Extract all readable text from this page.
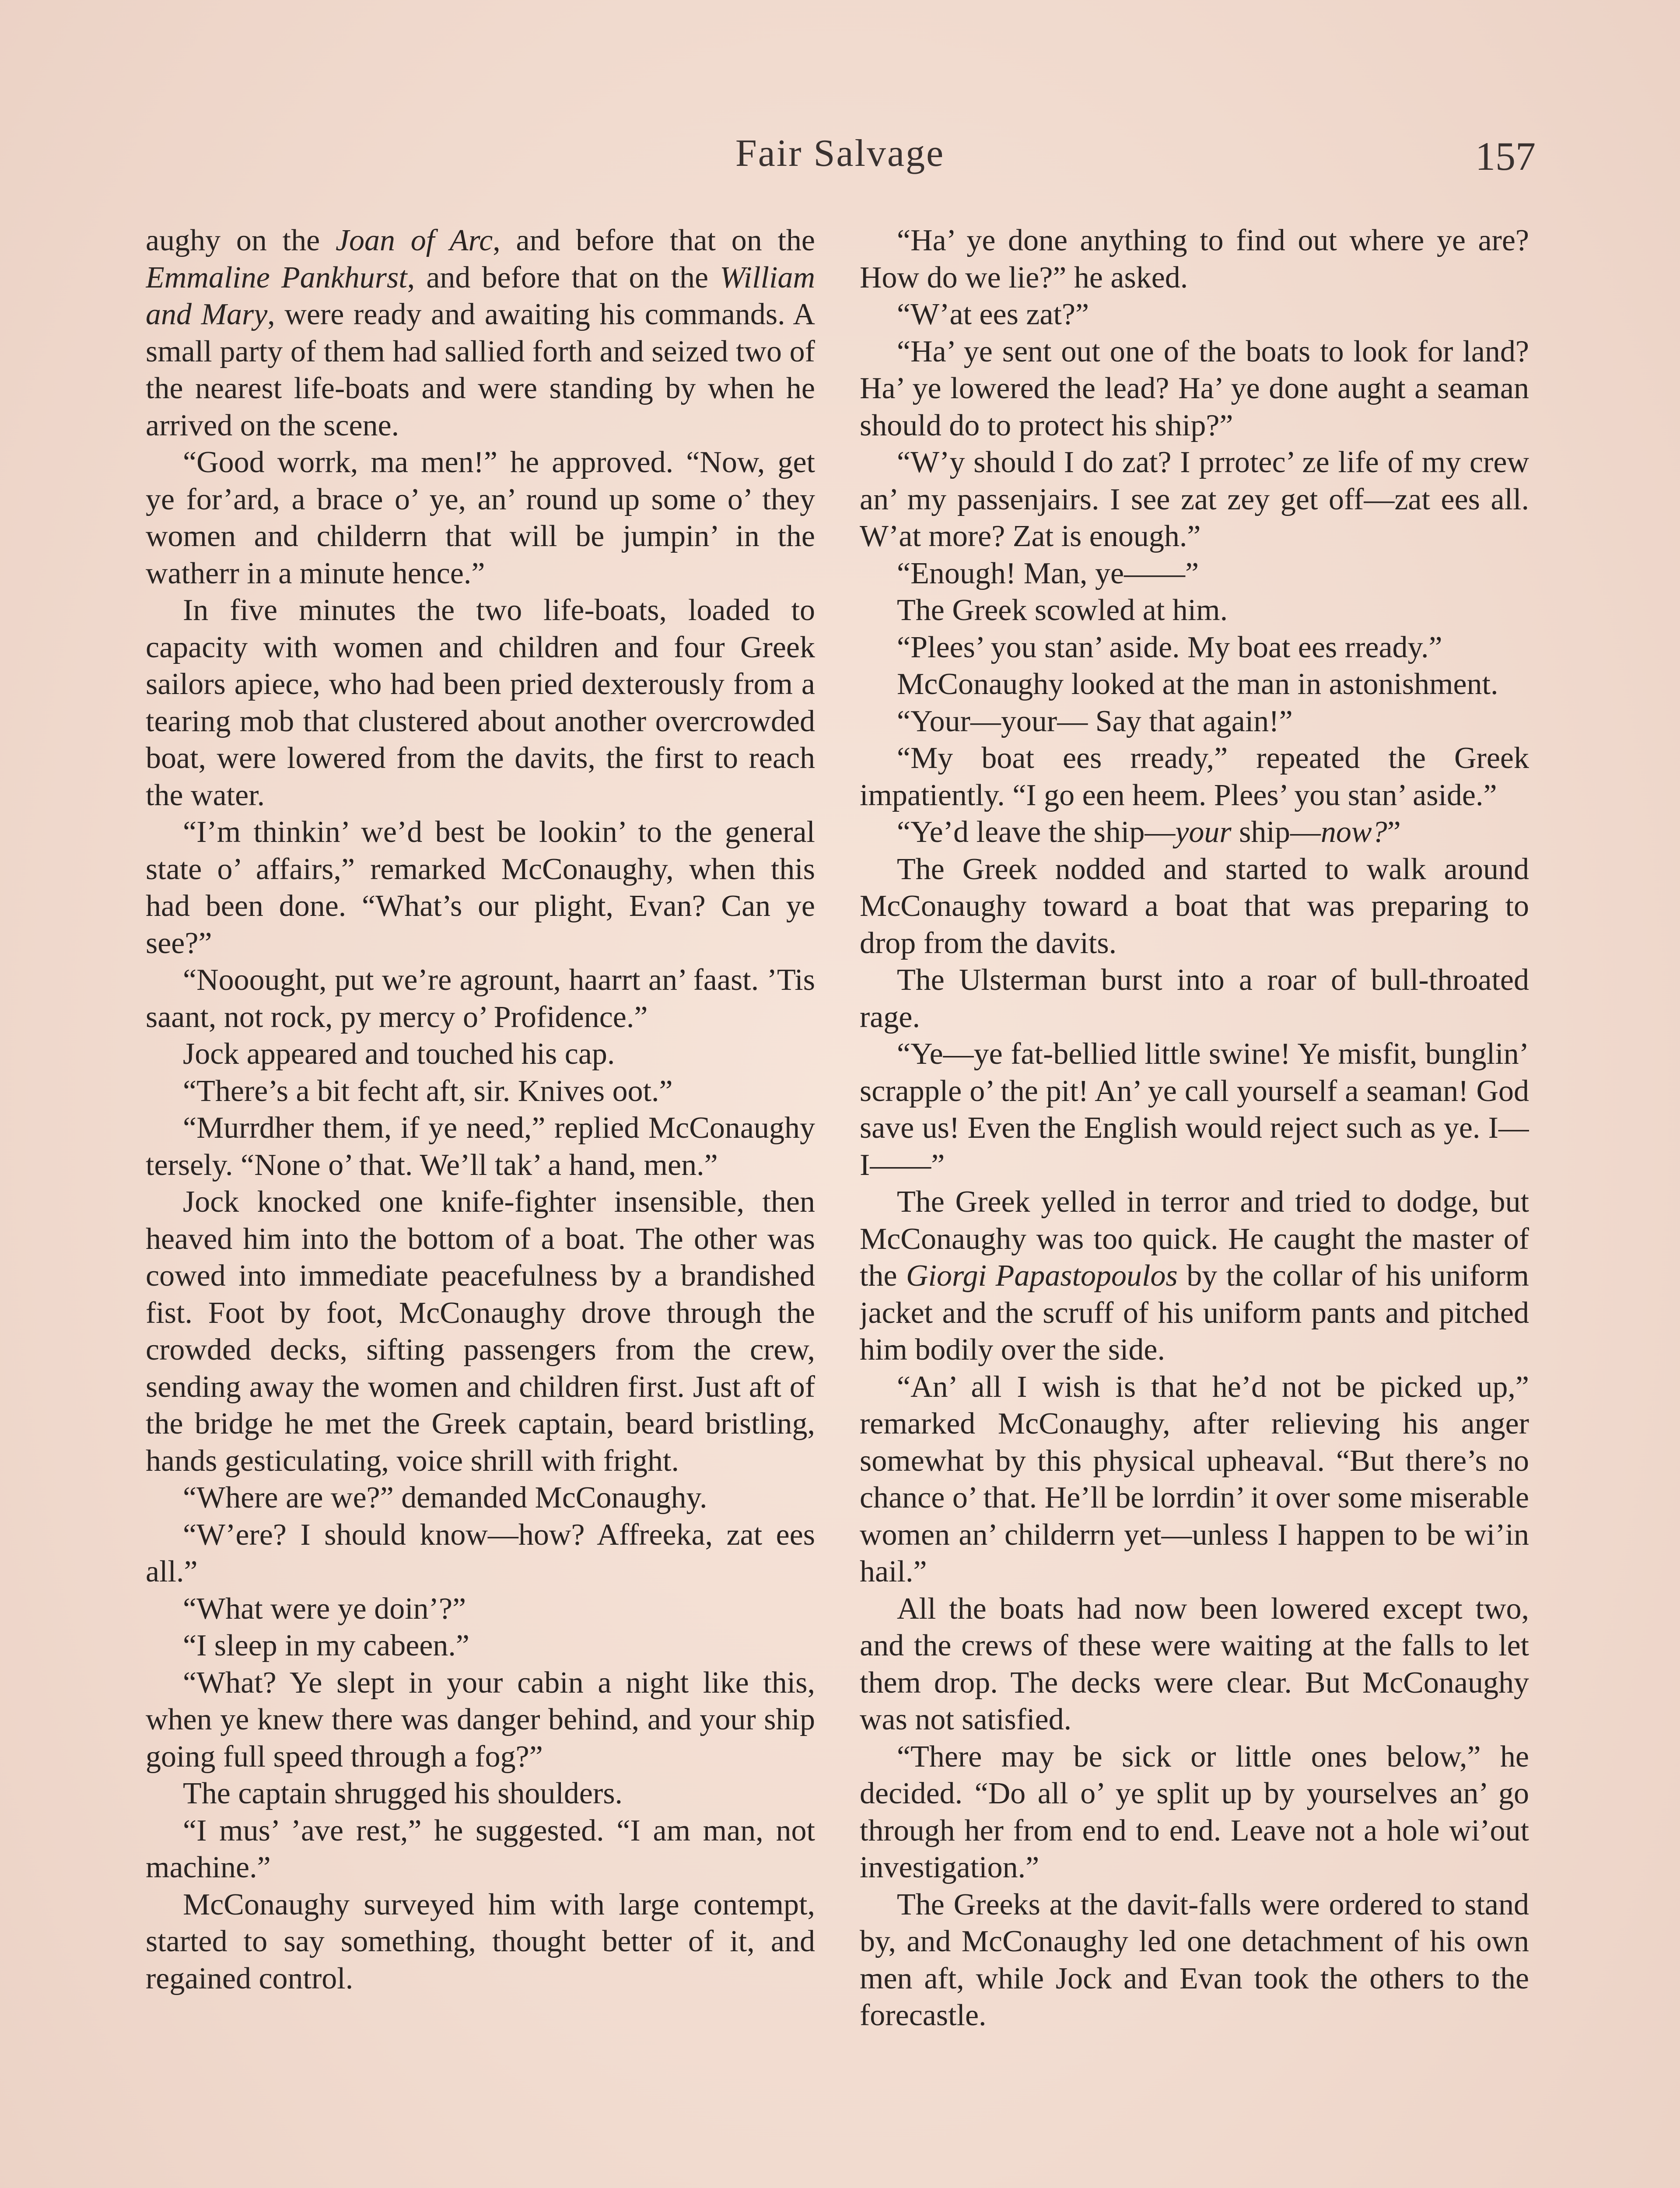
Fair Salvage	157

aughy on the Joan of Arc, and before that on the Emmaline Pankhurst, and before that on the William and Mary, were ready and awaiting his commands. A small party of them had sallied forth and seized two of the nearest life-boats and were standing by when he arrived on the scene.

“Good worrk, ma men!” he approved. “Now, get ye for’ard, a brace o’ ye, an’ round up some o’ they women and childerrn that will be jumpin’ in the watherr in a minute hence.”

In five minutes the two life-boats, loaded to capacity with women and children and four Greek sailors apiece, who had been pried dexterously from a tearing mob that clustered about another overcrowded boat, were lowered from the davits, the first to reach the water.

“I’m thinkin’ we’d best be lookin’ to the general state o’ affairs,” remarked McConaughy, when this had been done. “What’s our plight, Evan? Can ye see?”

“Nooought, put we’re agrount, haarrt an’ faast. ’Tis saant, not rock, py mercy o’ Profidence.”

Jock appeared and touched his cap.

“There’s a bit fecht aft, sir. Knives oot.”

“Murrdher them, if ye need,” replied McConaughy tersely. “None o’ that. We’ll tak’ a hand, men.”

Jock knocked one knife-fighter insensible, then heaved him into the bottom of a boat. The other was cowed into immediate peacefulness by a brandished fist. Foot by foot, McConaughy drove through the crowded decks, sifting passengers from the crew, sending away the women and children first. Just aft of the bridge he met the Greek captain, beard bristling, hands gesticulating, voice shrill with fright.

“Where are we?” demanded McConaughy.

“W’ere? I should know—how? Affreeka, zat ees all.”

“What were ye doin’?”

“I sleep in my cabeen.”

“What? Ye slept in your cabin a night like this, when ye knew there was danger behind, and your ship going full speed through a fog?”

The captain shrugged his shoulders.

“I mus’ ’ave rest,” he suggested. “I am man, not machine.”

McConaughy surveyed him with large contempt, started to say something, thought better of it, and regained control.

“Ha’ ye done anything to find out where ye are? How do we lie?” he asked.

“W’at ees zat?”

“Ha’ ye sent out one of the boats to look for land? Ha’ ye lowered the lead? Ha’ ye done aught a seaman should do to protect his ship?”

“W’y should I do zat? I prrotec’ ze life of my crew an’ my passenjairs. I see zat zey get off—zat ees all. W’at more? Zat is enough.”

“Enough! Man, ye——”

The Greek scowled at him.

“Plees’ you stan’ aside. My boat ees rready.”

McConaughy looked at the man in astonishment.

“Your—your— Say that again!”

“My boat ees rready,” repeated the Greek impatiently. “I go een heem. Plees’ you stan’ aside.”

“Ye’d leave the ship—your ship—now?”

The Greek nodded and started to walk around McConaughy toward a boat that was preparing to drop from the davits.

The Ulsterman burst into a roar of bull-throated rage.

“Ye—ye fat-bellied little swine! Ye misfit, bunglin’ scrapple o’ the pit! An’ ye call yourself a seaman! God save us! Even the English would reject such as ye. I—I——”

The Greek yelled in terror and tried to dodge, but McConaughy was too quick. He caught the master of the Giorgi Papastopoulos by the collar of his uniform jacket and the scruff of his uniform pants and pitched him bodily over the side.

“An’ all I wish is that he’d not be picked up,” remarked McConaughy, after relieving his anger somewhat by this physical upheaval. “But there’s no chance o’ that. He’ll be lorrdin’ it over some miserable women an’ childerrn yet—unless I happen to be wi’in hail.”

All the boats had now been lowered except two, and the crews of these were waiting at the falls to let them drop. The decks were clear. But McConaughy was not satisfied.

“There may be sick or little ones below,” he decided. “Do all o’ ye split up by yourselves an’ go through her from end to end. Leave not a hole wi’out investigation.”

The Greeks at the davit-falls were ordered to stand by, and McConaughy led one detachment of his own men aft, while Jock and Evan took the others to the forecastle.
